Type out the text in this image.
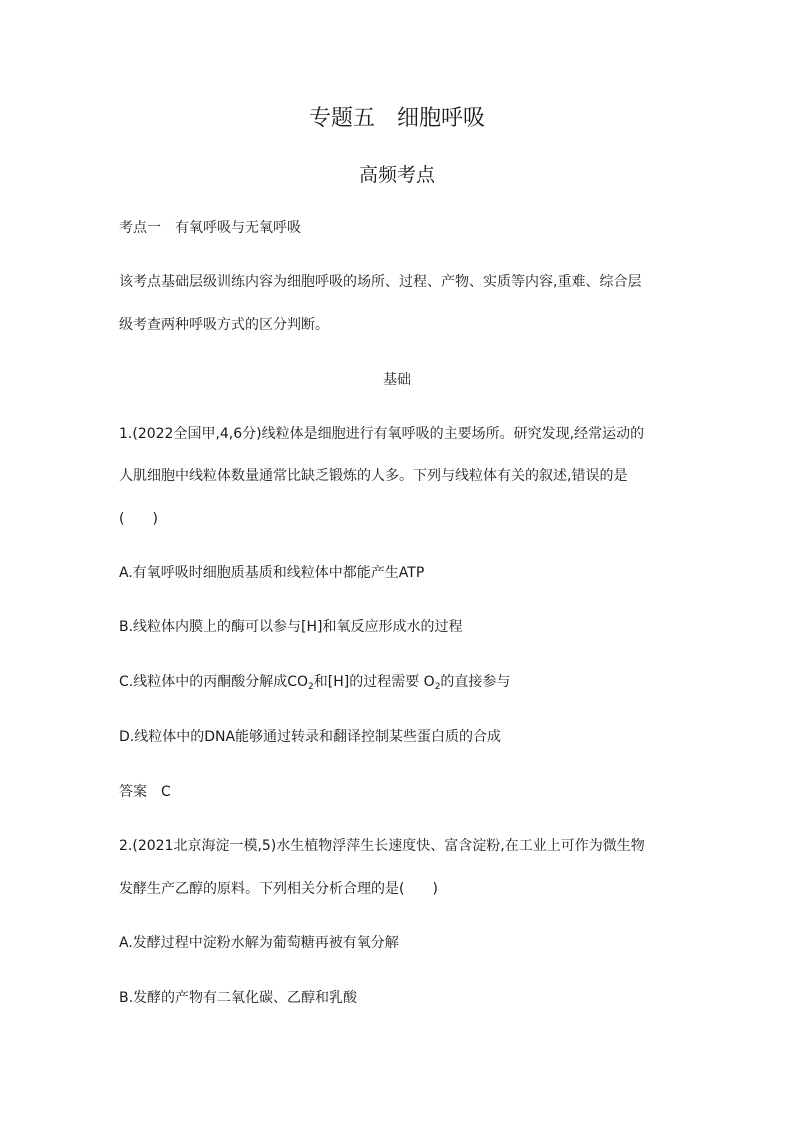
专题五　细胞呼吸
高频考点
考点一　有氧呼吸与无氧呼吸
该考点基础层级训练内容为细胞呼吸的场所、过程、产物、实质等内容,重难、综合层
级考查两种呼吸方式的区分判断。
基础
1.(2022全国甲,4,6分)线粒体是细胞进行有氧呼吸的主要场所。研究发现,经常运动的
人肌细胞中线粒体数量通常比缺乏锻炼的人多。下列与线粒体有关的叙述,错误的是
(　　)
A.有氧呼吸时细胞质基质和线粒体中都能产生ATP
B.线粒体内膜上的酶可以参与[H]和氧反应形成水的过程
C.线粒体中的丙酮酸分解成$CO_2$和[H]的过程需要 $O_2$的直接参与
D.线粒体中的DNA能够通过转录和翻译控制某些蛋白质的合成
答案　C
2.(2021北京海淀一模,5)水生植物浮萍生长速度快、富含淀粉,在工业上可作为微生物
发酵生产乙醇的原料。下列相关分析合理的是(　　)
A.发酵过程中淀粉水解为葡萄糖再被有氧分解
B.发酵的产物有二氧化碳、乙醇和乳酸
